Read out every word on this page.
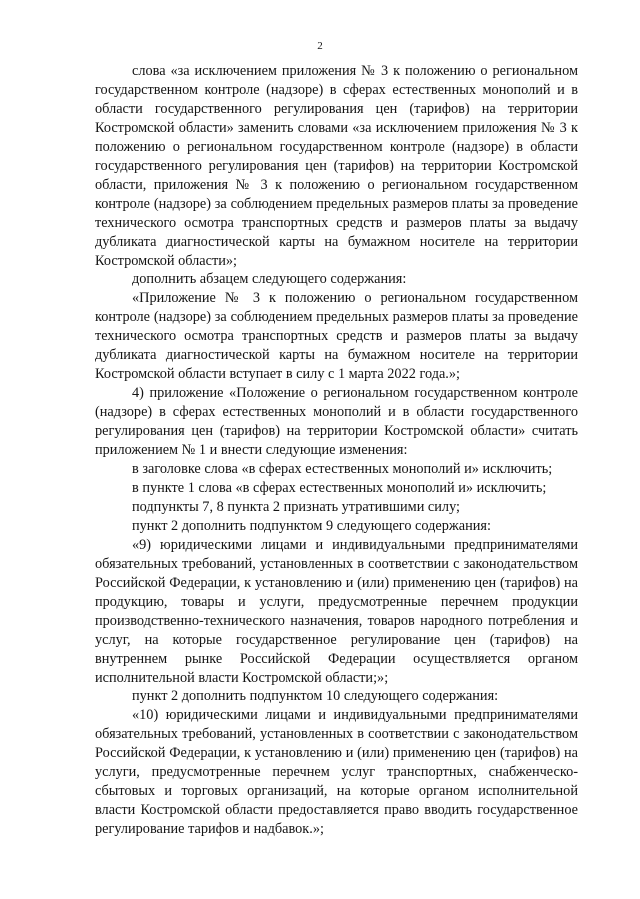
2

слова «за исключением приложения № 3 к положению о региональном государственном контроле (надзоре) в сферах естественных монополий и в области государственного регулирования цен (тарифов) на территории Костромской области» заменить словами «за исключением приложения № 3 к положению о региональном государственном контроле (надзоре) в области государственного регулирования цен (тарифов) на территории Костромской области, приложения № 3 к положению о региональном государственном контроле (надзоре) за соблюдением предельных размеров платы за проведение технического осмотра транспортных средств и размеров платы за выдачу дубликата диагностической карты на бумажном носителе на территории Костромской области»;

дополнить абзацем следующего содержания:

«Приложение № 3 к положению о региональном государственном контроле (надзоре) за соблюдением предельных размеров платы за проведение технического осмотра транспортных средств и размеров платы за выдачу дубликата диагностической карты на бумажном носителе на территории Костромской области вступает в силу с 1 марта 2022 года.»;

4) приложение «Положение о региональном государственном контроле (надзоре) в сферах естественных монополий и в области государственного регулирования цен (тарифов) на территории Костромской области» считать приложением № 1 и внести следующие изменения:

в заголовке слова «в сферах естественных монополий и» исключить;

в пункте 1 слова «в сферах естественных монополий и» исключить;

подпункты 7, 8 пункта 2 признать утратившими силу;

пункт 2 дополнить подпунктом 9 следующего содержания:

«9) юридическими лицами и индивидуальными предпринимателями обязательных требований, установленных в соответствии с законодательством Российской Федерации, к установлению и (или) применению цен (тарифов) на продукцию, товары и услуги, предусмотренные перечнем продукции производственно-технического назначения, товаров народного потребления и услуг, на которые государственное регулирование цен (тарифов) на внутреннем рынке Российской Федерации осуществляется органом исполнительной власти Костромской области;»;

пункт 2 дополнить подпунктом 10 следующего содержания:

«10) юридическими лицами и индивидуальными предпринимателями обязательных требований, установленных в соответствии с законодательством Российской Федерации, к установлению и (или) применению цен (тарифов) на услуги, предусмотренные перечнем услуг транспортных, снабженческо-сбытовых и торговых организаций, на которые органом исполнительной власти Костромской области предоставляется право вводить государственное регулирование тарифов и надбавок.»;
